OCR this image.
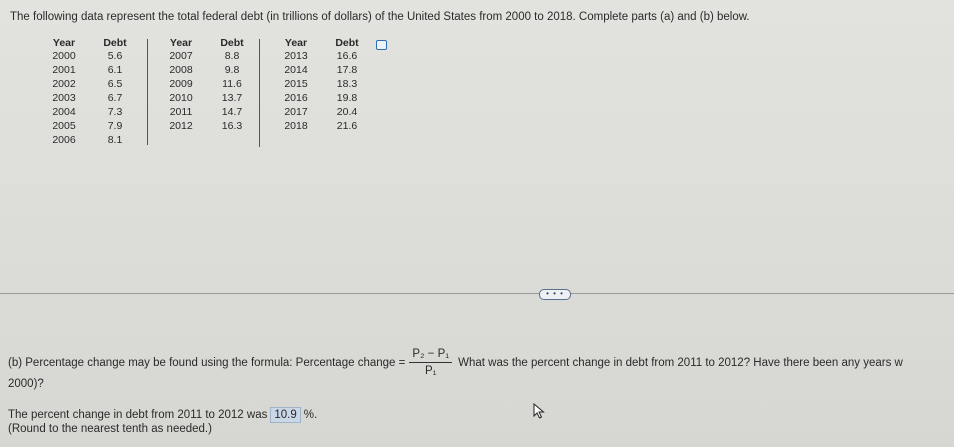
The following data represent the total federal debt (in trillions of dollars) of the United States from 2000 to 2018. Complete parts (a) and (b) below.
Year	Debt
2000	5.6
2001	6.1
2002	6.5
2003	6.7
2004	7.3
2005	7.9
2006	8.1
Year	Debt
2007	8.8
2008	9.8
2009	11.6
2010	13.7
2011	14.7
2012	16.3
Year	Debt
2013	16.6
2014	17.8
2015	18.3
2016	19.8
2017	20.4
2018	21.6
• • •
(b) Percentage change may be found using the formula: Percentage change = $\frac{\text{P₂ − P₁}}{\text{P₁}}$ What was the percent change in debt from 2011 to 2012? Have there been any years w
2000)?
The percent change in debt from 2011 to 2012 was 10.9 %.
(Round to the nearest tenth as needed.)
